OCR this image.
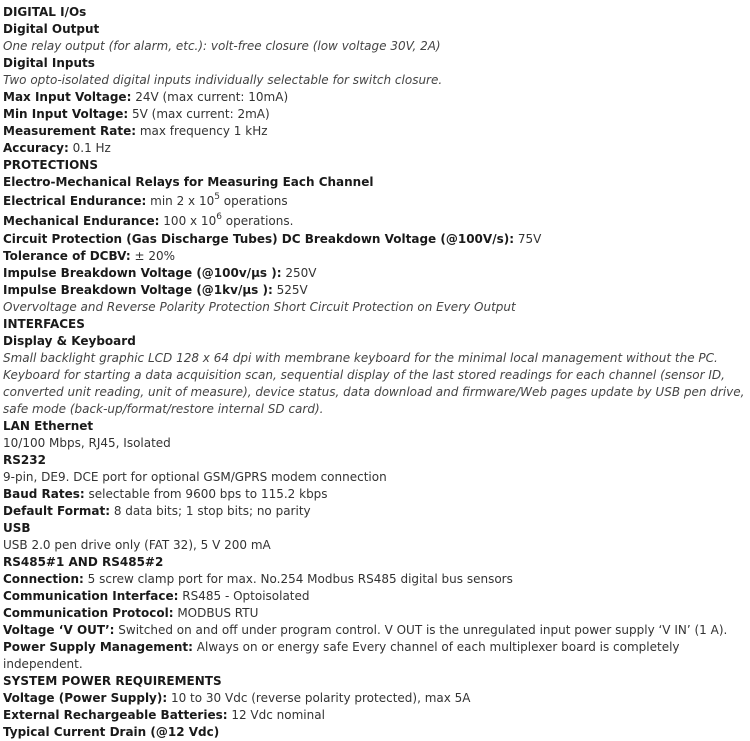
DIGITAL I/Os
Digital Output
One relay output (for alarm, etc.): volt-free closure (low voltage 30V, 2A)
Digital Inputs
Two opto-isolated digital inputs individually selectable for switch closure.
Max Input Voltage: 24V (max current: 10mA)
Min Input Voltage: 5V (max current: 2mA)
Measurement Rate: max frequency 1 kHz
Accuracy: 0.1 Hz
PROTECTIONS
Electro-Mechanical Relays for Measuring Each Channel
Electrical Endurance: min 2 x $10^5$ operations
Mechanical Endurance: 100 x $10^6$ operations.
Circuit Protection (Gas Discharge Tubes) DC Breakdown Voltage (@100V/s): 75V
Tolerance of DCBV: ± 20%
Impulse Breakdown Voltage (@100v/µs ): 250V
Impulse Breakdown Voltage (@1kv/µs ): 525V
Overvoltage and Reverse Polarity Protection Short Circuit Protection on Every Output
INTERFACES
Display & Keyboard
Small backlight graphic LCD 128 x 64 dpi with membrane keyboard for the minimal local management without the PC. Keyboard for starting a data acquisition scan, sequential display of the last stored readings for each channel (sensor ID, converted unit reading, unit of measure), device status, data download and firmware/Web pages update by USB pen drive, safe mode (back-up/format/restore internal SD card).
LAN Ethernet
10/100 Mbps, RJ45, Isolated
RS232
9-pin, DE9. DCE port for optional GSM/GPRS modem connection
Baud Rates: selectable from 9600 bps to 115.2 kbps
Default Format: 8 data bits; 1 stop bits; no parity
USB
USB 2.0 pen drive only (FAT 32), 5 V 200 mA
RS485#1 AND RS485#2
Connection: 5 screw clamp port for max. No.254 Modbus RS485 digital bus sensors
Communication Interface: RS485 - Optoisolated
Communication Protocol: MODBUS RTU
Voltage ‘V OUT’: Switched on and off under program control. V OUT is the unregulated input power supply ‘V IN’ (1 A).
Power Supply Management: Always on or energy safe Every channel of each multiplexer board is completely independent.
SYSTEM POWER REQUIREMENTS
Voltage (Power Supply): 10 to 30 Vdc (reverse polarity protected), max 5A
External Rechargeable Batteries: 12 Vdc nominal
Typical Current Drain (@12 Vdc)
